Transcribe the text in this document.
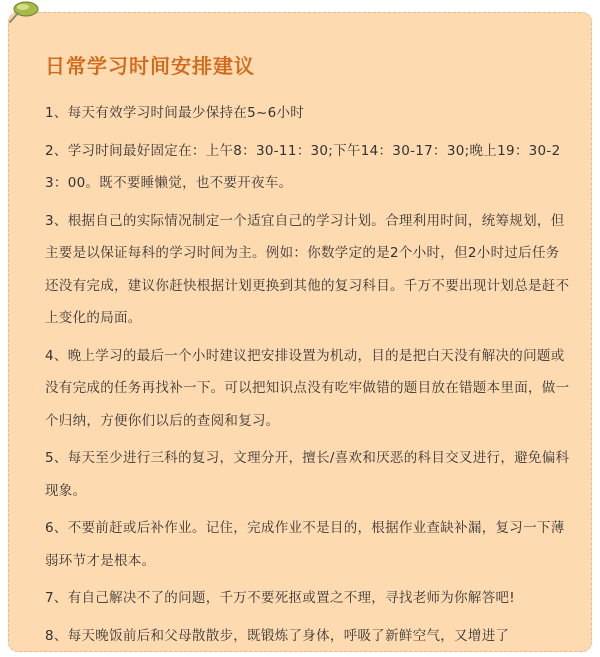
日常学习时间安排建议
1、每天有效学习时间最少保持在5~6小时
2、学习时间最好固定在：上午8：30-11：30;下午14：30-17：30;晚上19：30-23：00。既不要睡懒觉，也不要开夜车。
3、根据自己的实际情况制定一个适宜自己的学习计划。合理利用时间，统筹规划，但主要是以保证每科的学习时间为主。例如：你数学定的是2个小时，但2小时过后任务还没有完成，建议你赶快根据计划更换到其他的复习科目。千万不要出现计划总是赶不上变化的局面。
4、晚上学习的最后一个小时建议把安排设置为机动，目的是把白天没有解决的问题或没有完成的任务再找补一下。可以把知识点没有吃牢做错的题目放在错题本里面，做一个归纳，方便你们以后的查阅和复习。
5、每天至少进行三科的复习，文理分开，擅长/喜欢和厌恶的科目交叉进行，避免偏科现象。
6、不要前赶或后补作业。记住，完成作业不是目的，根据作业查缺补漏，复习一下薄弱环节才是根本。
7、有自己解决不了的问题，千万不要死抠或置之不理，寻找老师为你解答吧!
8、每天晚饭前后和父母散散步，既锻炼了身体，呼吸了新鲜空气，又增进了
